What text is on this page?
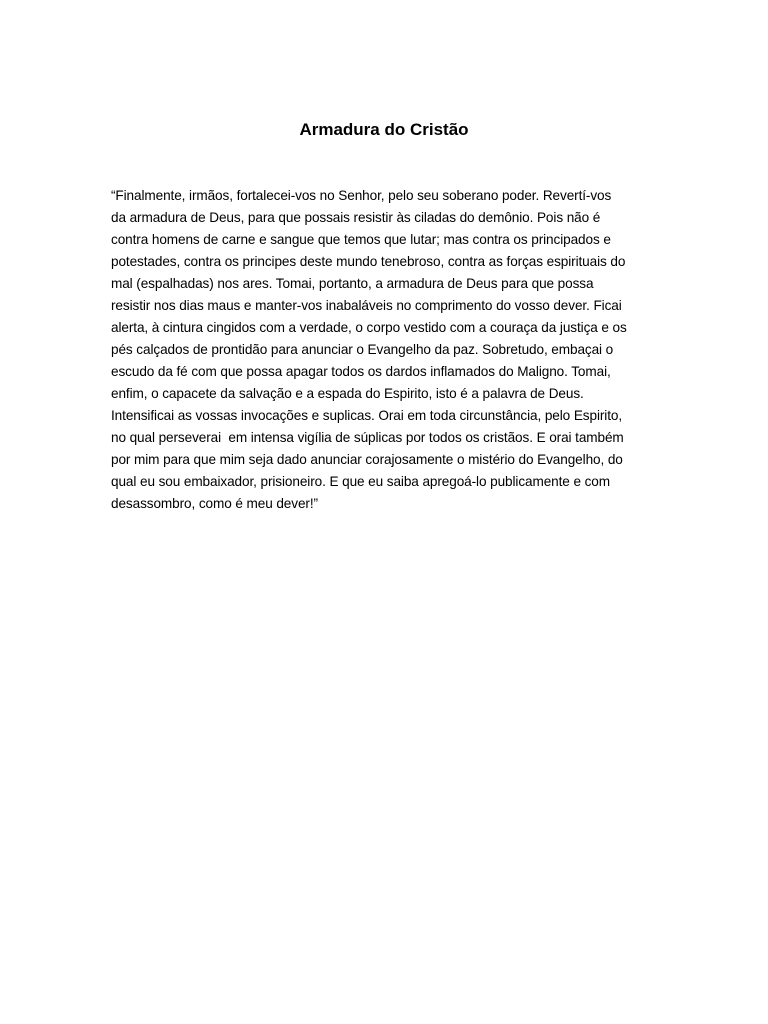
Armadura do Cristão
“Finalmente, irmãos, fortalecei-vos no Senhor, pelo seu soberano poder. Revertí-vos
da armadura de Deus, para que possais resistir às ciladas do demônio. Pois não é
contra homens de carne e sangue que temos que lutar; mas contra os principados e
potestades, contra os principes deste mundo tenebroso, contra as forças espirituais do
mal (espalhadas) nos ares. Tomai, portanto, a armadura de Deus para que possa
resistir nos dias maus e manter-vos inabaláveis no comprimento do vosso dever. Ficai
alerta, à cintura cingidos com a verdade, o corpo vestido com a couraça da justiça e os
pés calçados de prontidão para anunciar o Evangelho da paz. Sobretudo, embaçai o
escudo da fé com que possa apagar todos os dardos inflamados do Maligno. Tomai,
enfim, o capacete da salvação e a espada do Espirito, isto é a palavra de Deus.
Intensificai as vossas invocações e suplicas. Orai em toda circunstância, pelo Espirito,
no qual perseverai  em intensa vigília de súplicas por todos os cristãos. E orai também
por mim para que mim seja dado anunciar corajosamente o mistério do Evangelho, do
qual eu sou embaixador, prisioneiro. E que eu saiba apregoá-lo publicamente e com
desassombro, como é meu dever!”
